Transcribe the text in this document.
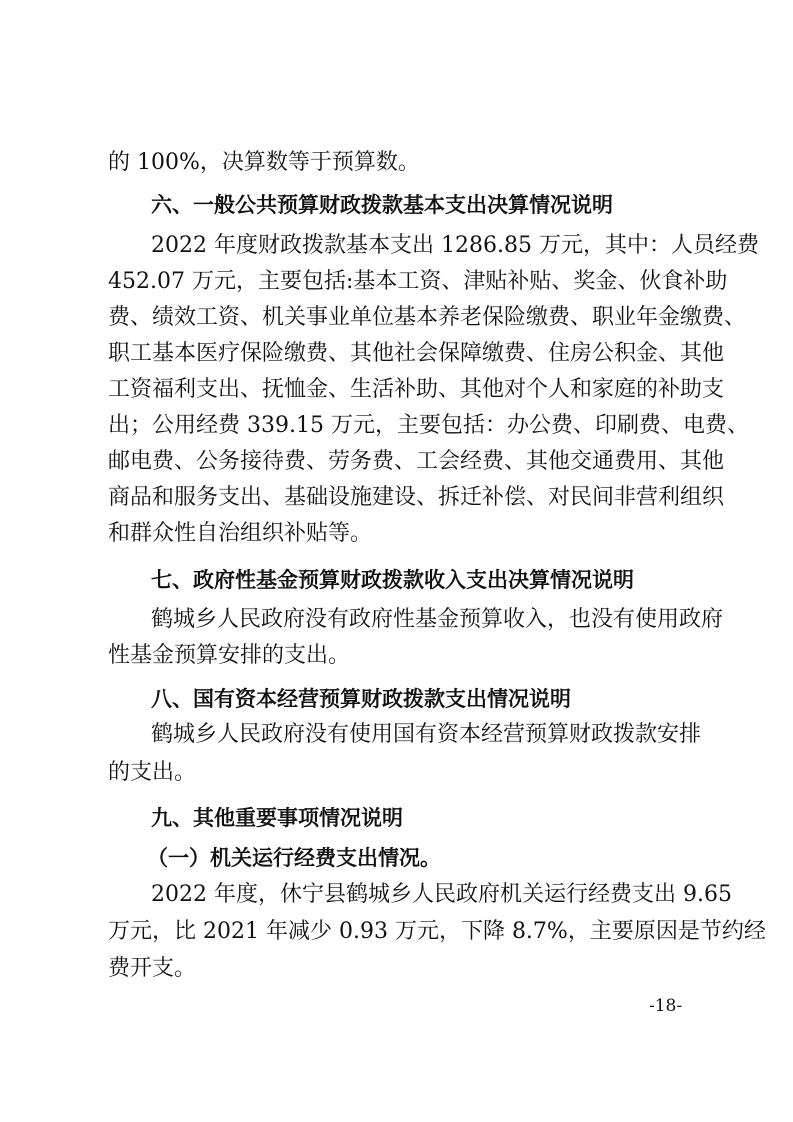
的 100%，决算数等于预算数。
六、一般公共预算财政拨款基本支出决算情况说明
2022 年度财政拨款基本支出 1286.85 万元，其中：人员经费
452.07 万元，主要包括:基本工资、津贴补贴、奖金、伙食补助
费、绩效工资、机关事业单位基本养老保险缴费、职业年金缴费、
职工基本医疗保险缴费、其他社会保障缴费、住房公积金、其他
工资福利支出、抚恤金、生活补助、其他对个人和家庭的补助支
出；公用经费 339.15 万元，主要包括：办公费、印刷费、电费、
邮电费、公务接待费、劳务费、工会经费、其他交通费用、其他
商品和服务支出、基础设施建设、拆迁补偿、对民间非营利组织
和群众性自治组织补贴等。
七、政府性基金预算财政拨款收入支出决算情况说明
鹤城乡人民政府没有政府性基金预算收入，也没有使用政府
性基金预算安排的支出。
八、国有资本经营预算财政拨款支出情况说明
鹤城乡人民政府没有使用国有资本经营预算财政拨款安排
的支出。
九、其他重要事项情况说明
（一）机关运行经费支出情况。
2022 年度，休宁县鹤城乡人民政府机关运行经费支出 9.65
万元，比 2021 年减少 0.93 万元，下降 8.7%，主要原因是节约经
费开支。
-18-
